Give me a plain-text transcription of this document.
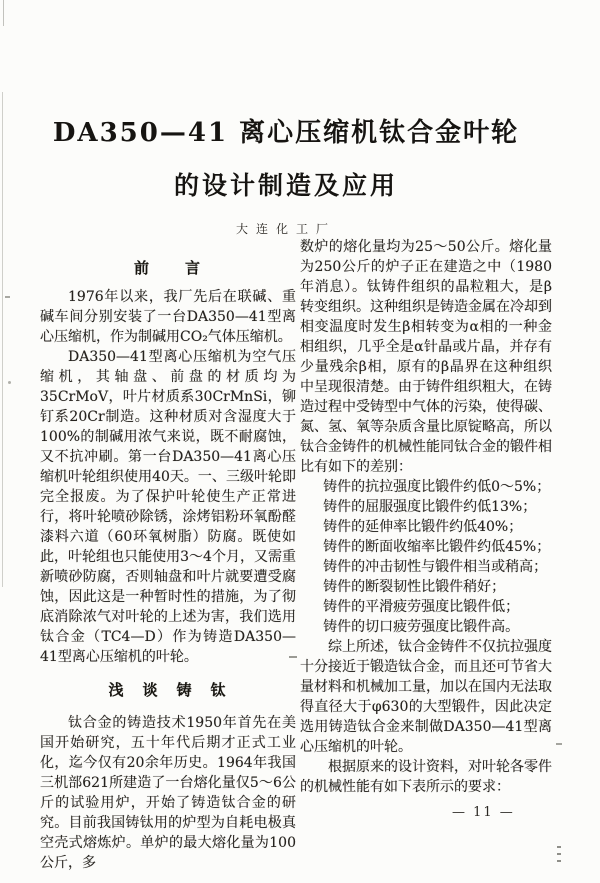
DA350—41 离心压缩机钛合金叶轮
的设计制造及应用
大连化工厂
前　　言

1976年以来，我厂先后在联碱、重碱车间分别安装了一台DA350—41型离心压缩机，作为制碱用CO₂气体压缩机。

DA350—41型离心压缩机为空气压缩机，其轴盘、前盘的材质均为35CrMoV，叶片材质系30CrMnSi，铆钉系20Cr制造。这种材质对含湿度大于100%的制碱用浓气来说，既不耐腐蚀，又不抗冲刷。第一台DA350—41离心压缩机叶轮组织使用40天。一、三级叶轮即完全报废。为了保护叶轮使生产正常进行，将叶轮喷砂除锈，涂烤铝粉环氧酚醛漆料六道（60环氧树脂）防腐。既使如此，叶轮组也只能使用3～4个月，又需重新喷砂防腐，否则轴盘和叶片就要遭受腐蚀，因此这是一种暂时性的措施，为了彻底消除浓气对叶轮的上述为害，我们选用钛合金（TC4—D）作为铸造DA350—41型离心压缩机的叶轮。

浅　谈　铸　钛

钛合金的铸造技术1950年首先在美国开始研究，五十年代后期才正式工业化，迄今仅有20余年历史。1964年我国三机部621所建造了一台熔化量仅5～6公斤的试验用炉，开始了铸造钛合金的研究。目前我国铸钛用的炉型为自耗电极真空壳式熔炼炉。单炉的最大熔化量为100公斤，多

数炉的熔化量均为25～50公斤。熔化量为250公斤的炉子正在建造之中（1980年消息）。钛铸件组织的晶粒粗大，是β转变组织。这种组织是铸造金属在冷却到相变温度时发生β相转变为α相的一种金相组织，几乎全是α针晶或片晶，并存有少量残余β相，原有的β晶界在这种组织中呈现很清楚。由于铸件组织粗大，在铸造过程中受铸型中气体的污染，使得碳、氮、氢、氧等杂质含量比原锭略高，所以钛合金铸件的机械性能同钛合金的锻件相比有如下的差别：

铸件的抗拉强度比锻件约低0～5%；
铸件的屈服强度比锻件约低13%；
铸件的延伸率比锻件约低40%；
铸件的断面收缩率比锻件约低45%；
铸件的冲击韧性与锻件相当或稍高；
铸件的断裂韧性比锻件稍好；
铸件的平滑疲劳强度比锻件低；
铸件的切口疲劳强度比锻件高。

综上所述，钛合金铸件不仅抗拉强度十分接近于锻造钛合金，而且还可节省大量材料和机械加工量，加以在国内无法取得直径大于φ630的大型锻件，因此决定选用铸造钛合金来制做DA350—41型离心压缩机的叶轮。

根据原来的设计资料，对叶轮各零件的机械性能有如下表所示的要求：

— 11 —
